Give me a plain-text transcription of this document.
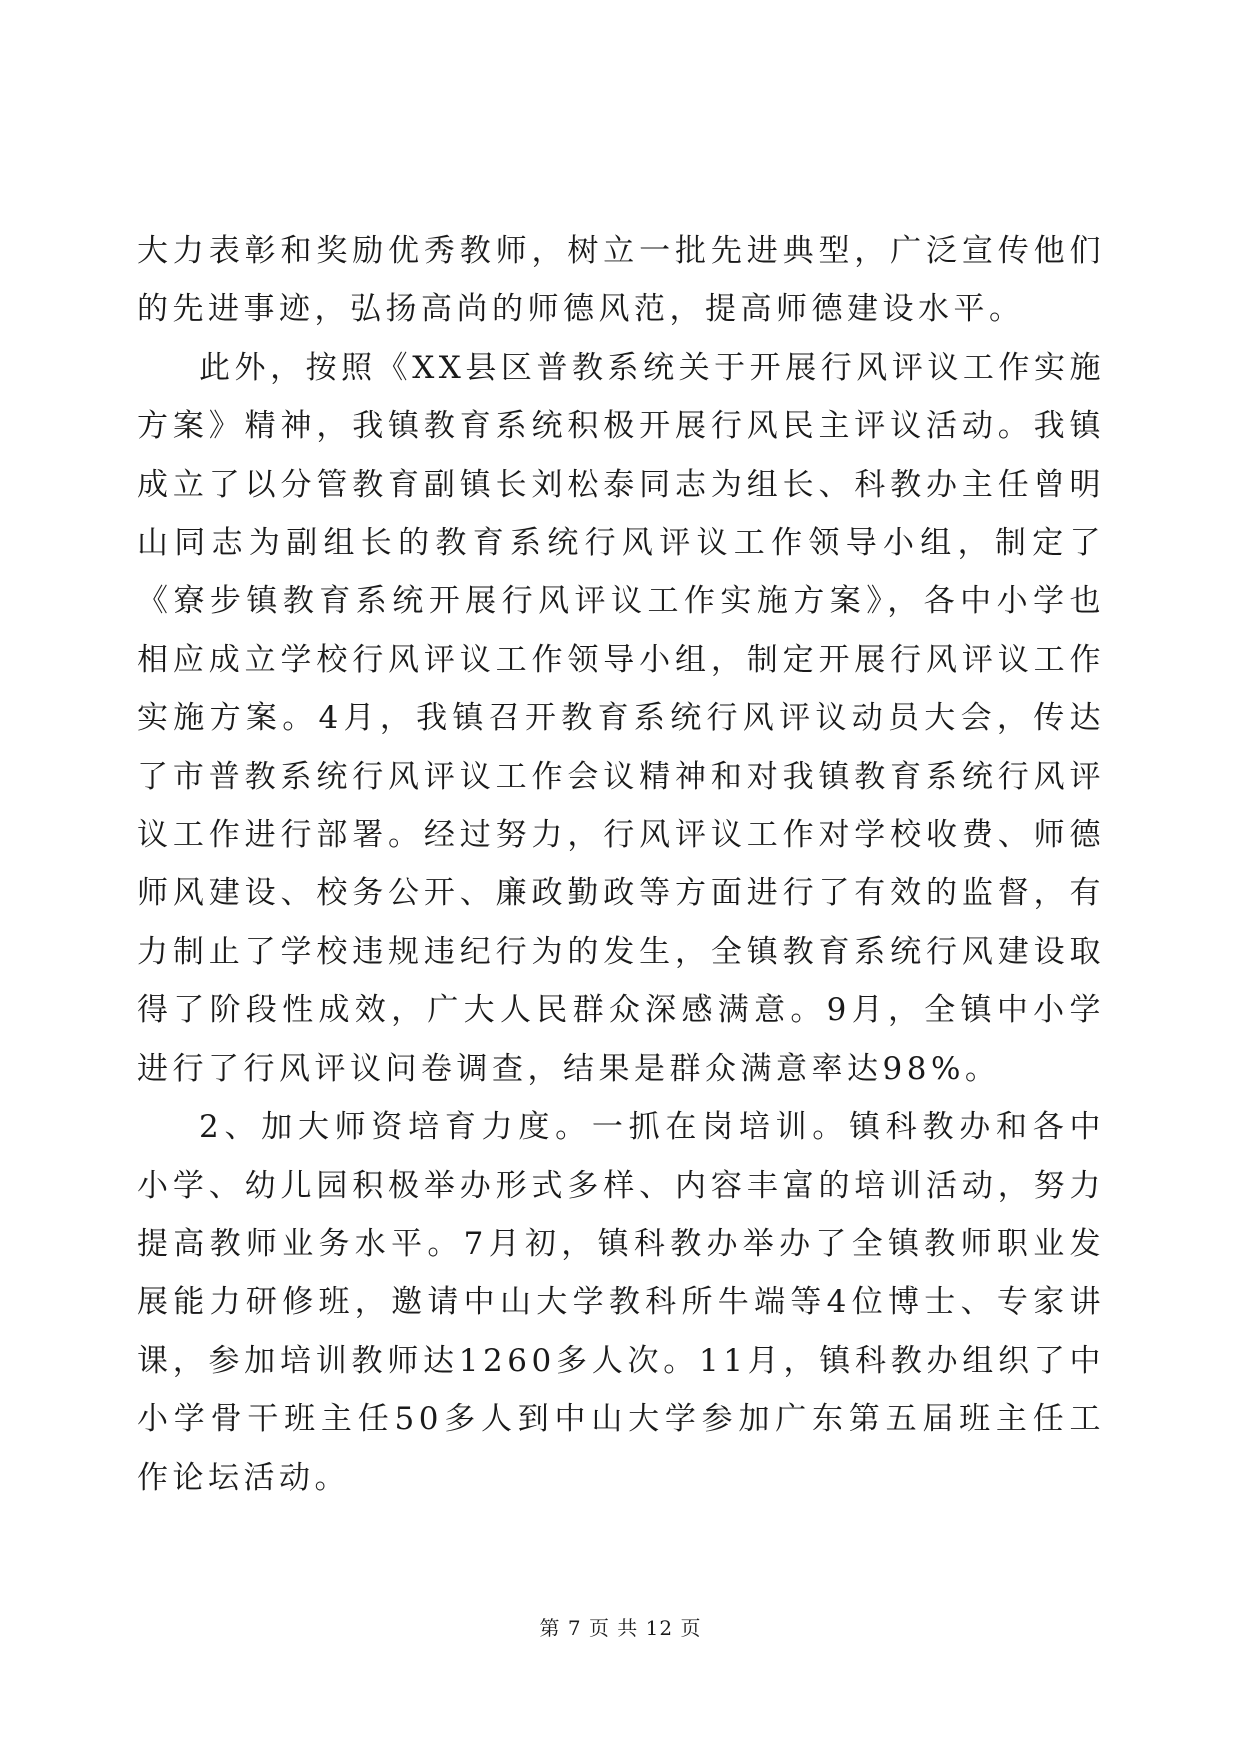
大力表彰和奖励优秀教师，树立一批先进典型，广泛宣传他们的先进事迹，弘扬高尚的师德风范，提高师德建设水平。

此外，按照《XX县区普教系统关于开展行风评议工作实施方案》精神，我镇教育系统积极开展行风民主评议活动。我镇成立了以分管教育副镇长刘松泰同志为组长、科教办主任曾明山同志为副组长的教育系统行风评议工作领导小组，制定了《寮步镇教育系统开展行风评议工作实施方案》，各中小学也相应成立学校行风评议工作领导小组，制定开展行风评议工作实施方案。4月，我镇召开教育系统行风评议动员大会，传达了市普教系统行风评议工作会议精神和对我镇教育系统行风评议工作进行部署。经过努力，行风评议工作对学校收费、师德师风建设、校务公开、廉政勤政等方面进行了有效的监督，有力制止了学校违规违纪行为的发生，全镇教育系统行风建设取得了阶段性成效，广大人民群众深感满意。9月，全镇中小学进行了行风评议问卷调查，结果是群众满意率达98%。

2、加大师资培育力度。一抓在岗培训。镇科教办和各中小学、幼儿园积极举办形式多样、内容丰富的培训活动，努力提高教师业务水平。7月初，镇科教办举办了全镇教师职业发展能力研修班，邀请中山大学教科所牛端等4位博士、专家讲课，参加培训教师达1260多人次。11月，镇科教办组织了中小学骨干班主任50多人到中山大学参加广东第五届班主任工作论坛活动。

第 7 页 共 12 页
